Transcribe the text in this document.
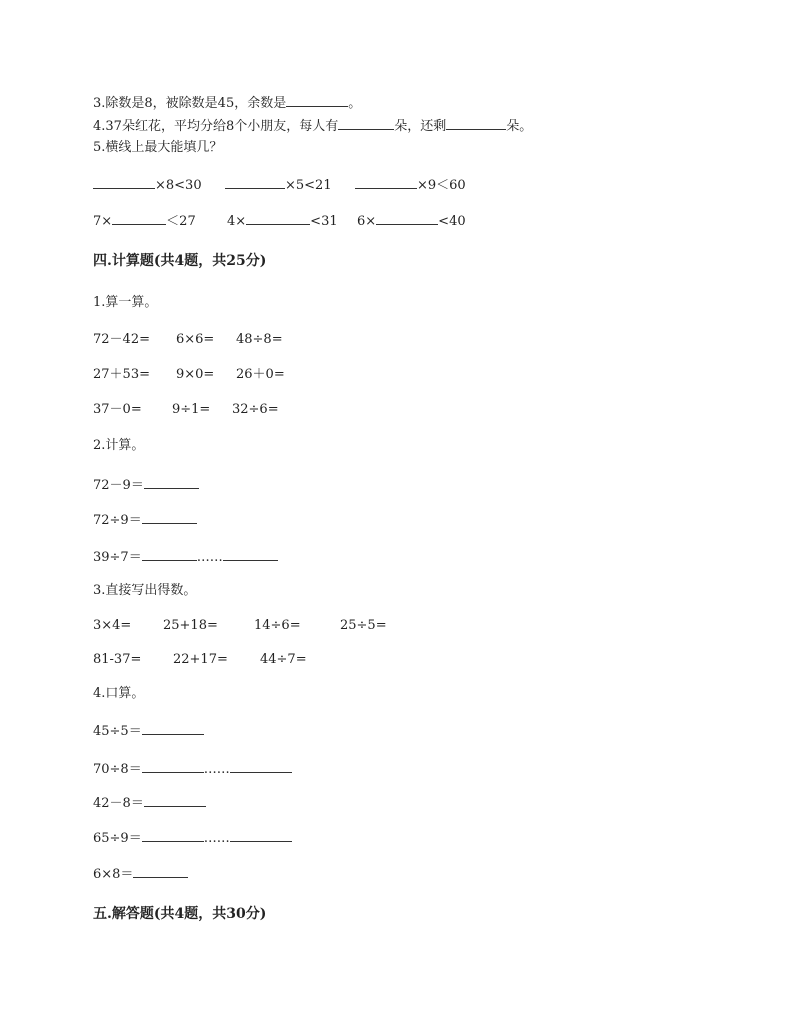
3.除数是8，被除数是45，余数是	。
4.37朵红花，平均分给8个小朋友，每人有	朵，还剩	朵。
5.横线上最大能填几？
×8<30	×5<21	×9＜60
7×	＜27 4×	<31 6×	<40
四.计算题(共4题，共25分)
1.算一算。
72－42= 6×6= 48÷8=
27＋53= 9×0= 26＋0=
37－0= 9÷1= 32÷6=
2.计算。
72－9＝
72÷9＝
39÷7＝	……
3.直接写出得数。
3×4= 25+18=	14÷6=	25÷5=
81-37= 22+17= 44÷7=
4.口算。
45÷5＝
70÷8＝	……
42－8＝
65÷9＝	……
6×8＝
五.解答题(共4题，共30分)
